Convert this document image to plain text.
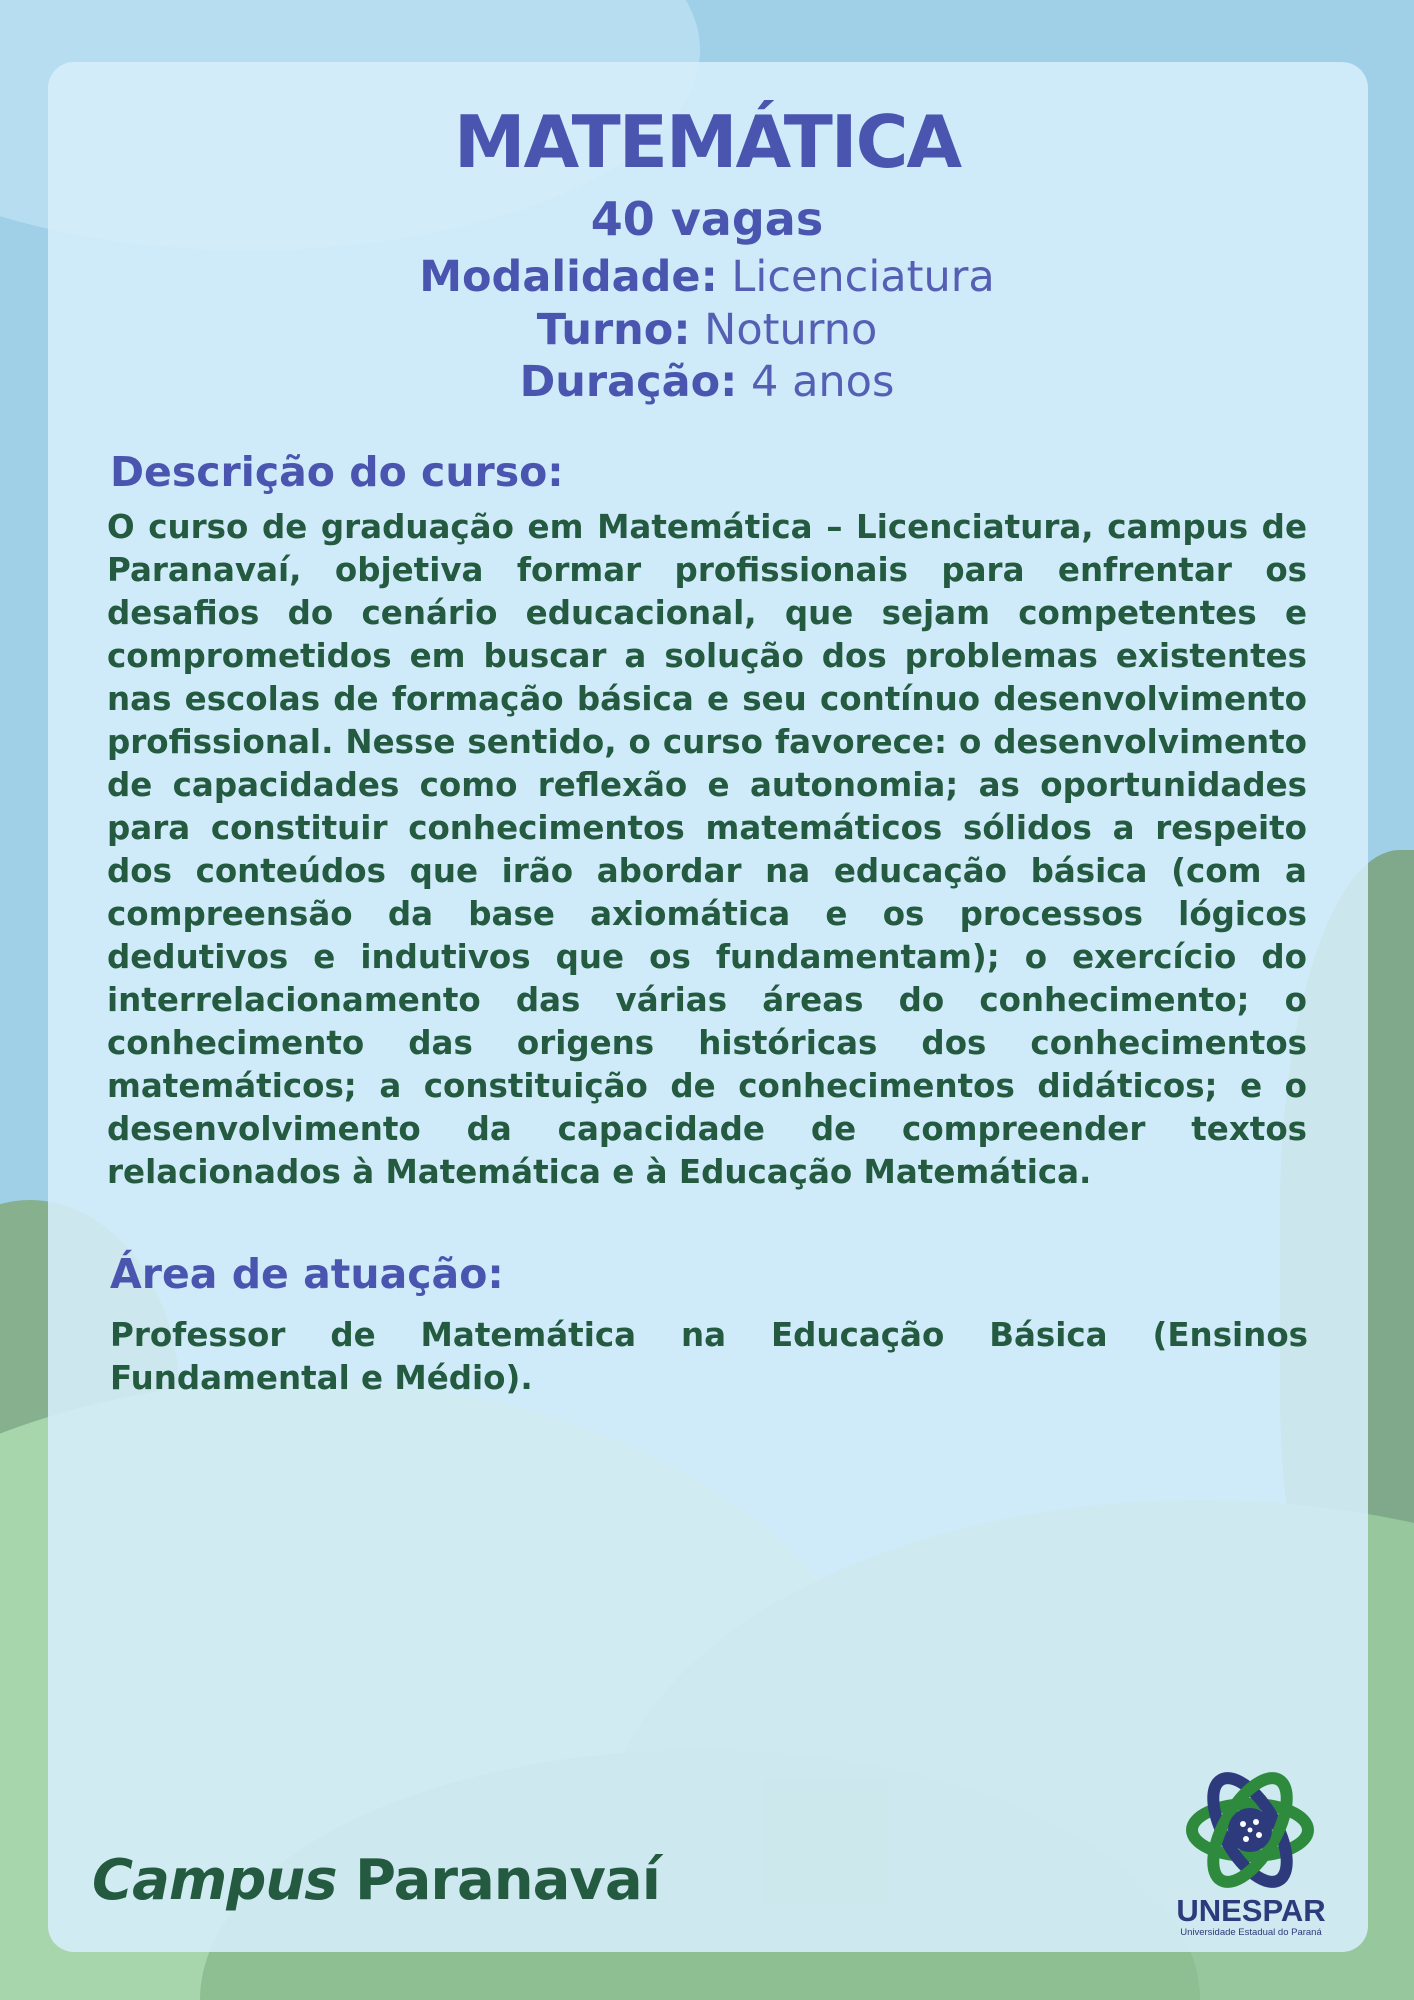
MATEMÁTICA
40 vagas
Modalidade: Licenciatura
Turno: Noturno
Duração: 4 anos
Descrição do curso:

O curso de graduação em Matemática – Licenciatura, campus de Paranavaí, objetiva formar profissionais para enfrentar os desafios do cenário educacional, que sejam competentes e comprometidos em buscar a solução dos problemas existentes nas escolas de formação básica e seu contínuo desenvolvimento profissional. Nesse sentido, o curso favorece: o desenvolvimento de capacidades como reflexão e autonomia; as oportunidades para constituir conhecimentos matemáticos sólidos a respeito dos conteúdos que irão abordar na educação básica (com a compreensão da base axiomática e os processos lógicos dedutivos e indutivos que os fundamentam); o exercício do interrelacionamento das várias áreas do conhecimento; o conhecimento das origens históricas dos conhecimentos matemáticos; a constituição de conhecimentos didáticos; e o desenvolvimento da capacidade de compreender textos relacionados à Matemática e à Educação Matemática.

Área de atuação:

Professor de Matemática na Educação Básica (Ensinos Fundamental e Médio).

Campus Paranavaí	UNESPAR
Universidade Estadual do Paraná
